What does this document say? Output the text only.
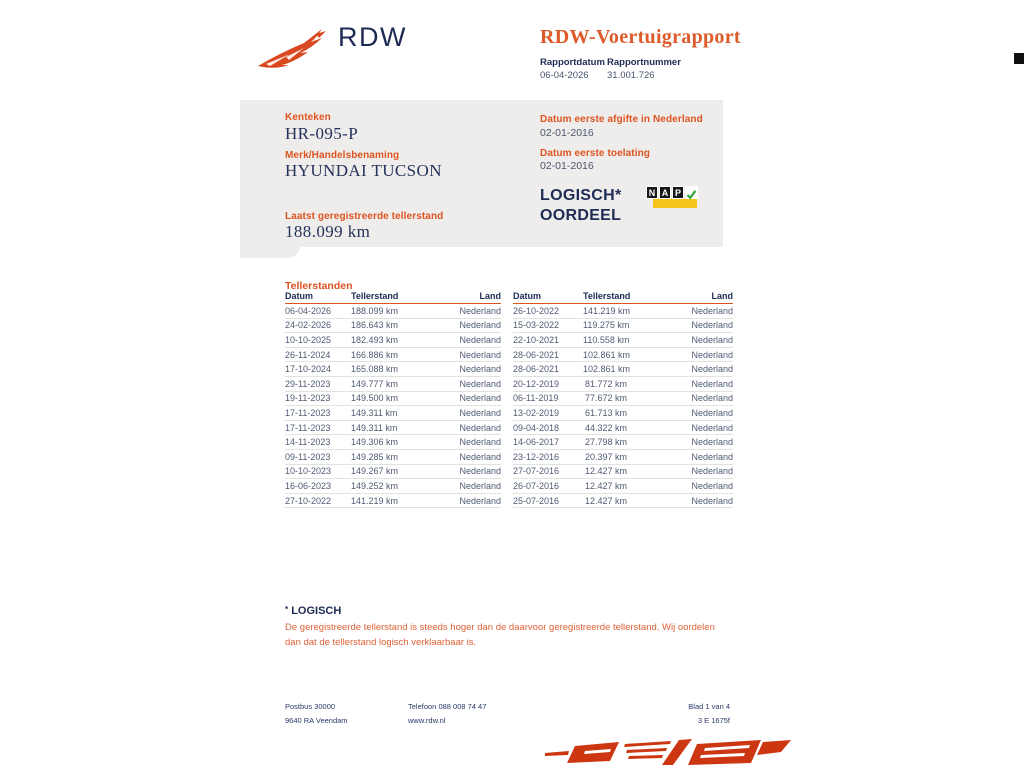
RDW	RDW-Voertuigrapport
Rapportdatum Rapportnummer
06-04-2026 31.001.726
Kenteken
HR-095-P
Merk/Handelsbenaming
HYUNDAI TUCSON
Laatst geregistreerde tellerstand
188.099 km
Datum eerste afgifte in Nederland
02-01-2016
Datum eerste toelating
02-01-2016
LOGISCH*
OORDEEL
N A P
Tellerstanden
Datum	Tellerstand	Land
06-04-2026	188.099 km	Nederland
24-02-2026	186.643 km	Nederland
10-10-2025	182.493 km	Nederland
26-11-2024	166.886 km	Nederland
17-10-2024	165.088 km	Nederland
29-11-2023	149.777 km	Nederland
19-11-2023	149.500 km	Nederland
17-11-2023	149.311 km	Nederland
17-11-2023	149.311 km	Nederland
14-11-2023	149.306 km	Nederland
09-11-2023	149.285 km	Nederland
10-10-2023	149.267 km	Nederland
16-06-2023	149.252 km	Nederland
27-10-2022	141.219 km	Nederland
Datum	Tellerstand	Land
26-10-2022	141.219 km	Nederland
15-03-2022	119.275 km	Nederland
22-10-2021	110.558 km	Nederland
28-06-2021	102.861 km	Nederland
28-06-2021	102.861 km	Nederland
20-12-2019	81.772 km	Nederland
06-11-2019	77.672 km	Nederland
13-02-2019	61.713 km	Nederland
09-04-2018	44.322 km	Nederland
14-06-2017	27.798 km	Nederland
23-12-2016	20.397 km	Nederland
27-07-2016	12.427 km	Nederland
26-07-2016	12.427 km	Nederland
25-07-2016	12.427 km	Nederland
* LOGISCH
De geregistreerde tellerstand is steeds hoger dan de daarvoor geregistreerde tellerstand. Wij oordelen dan dat de tellerstand logisch verklaarbaar is.
Postbus 30000
9640 RA Veendam
Telefoon 088 008 74 47
www.rdw.nl
Blad 1 van 4
3 E 1675f
